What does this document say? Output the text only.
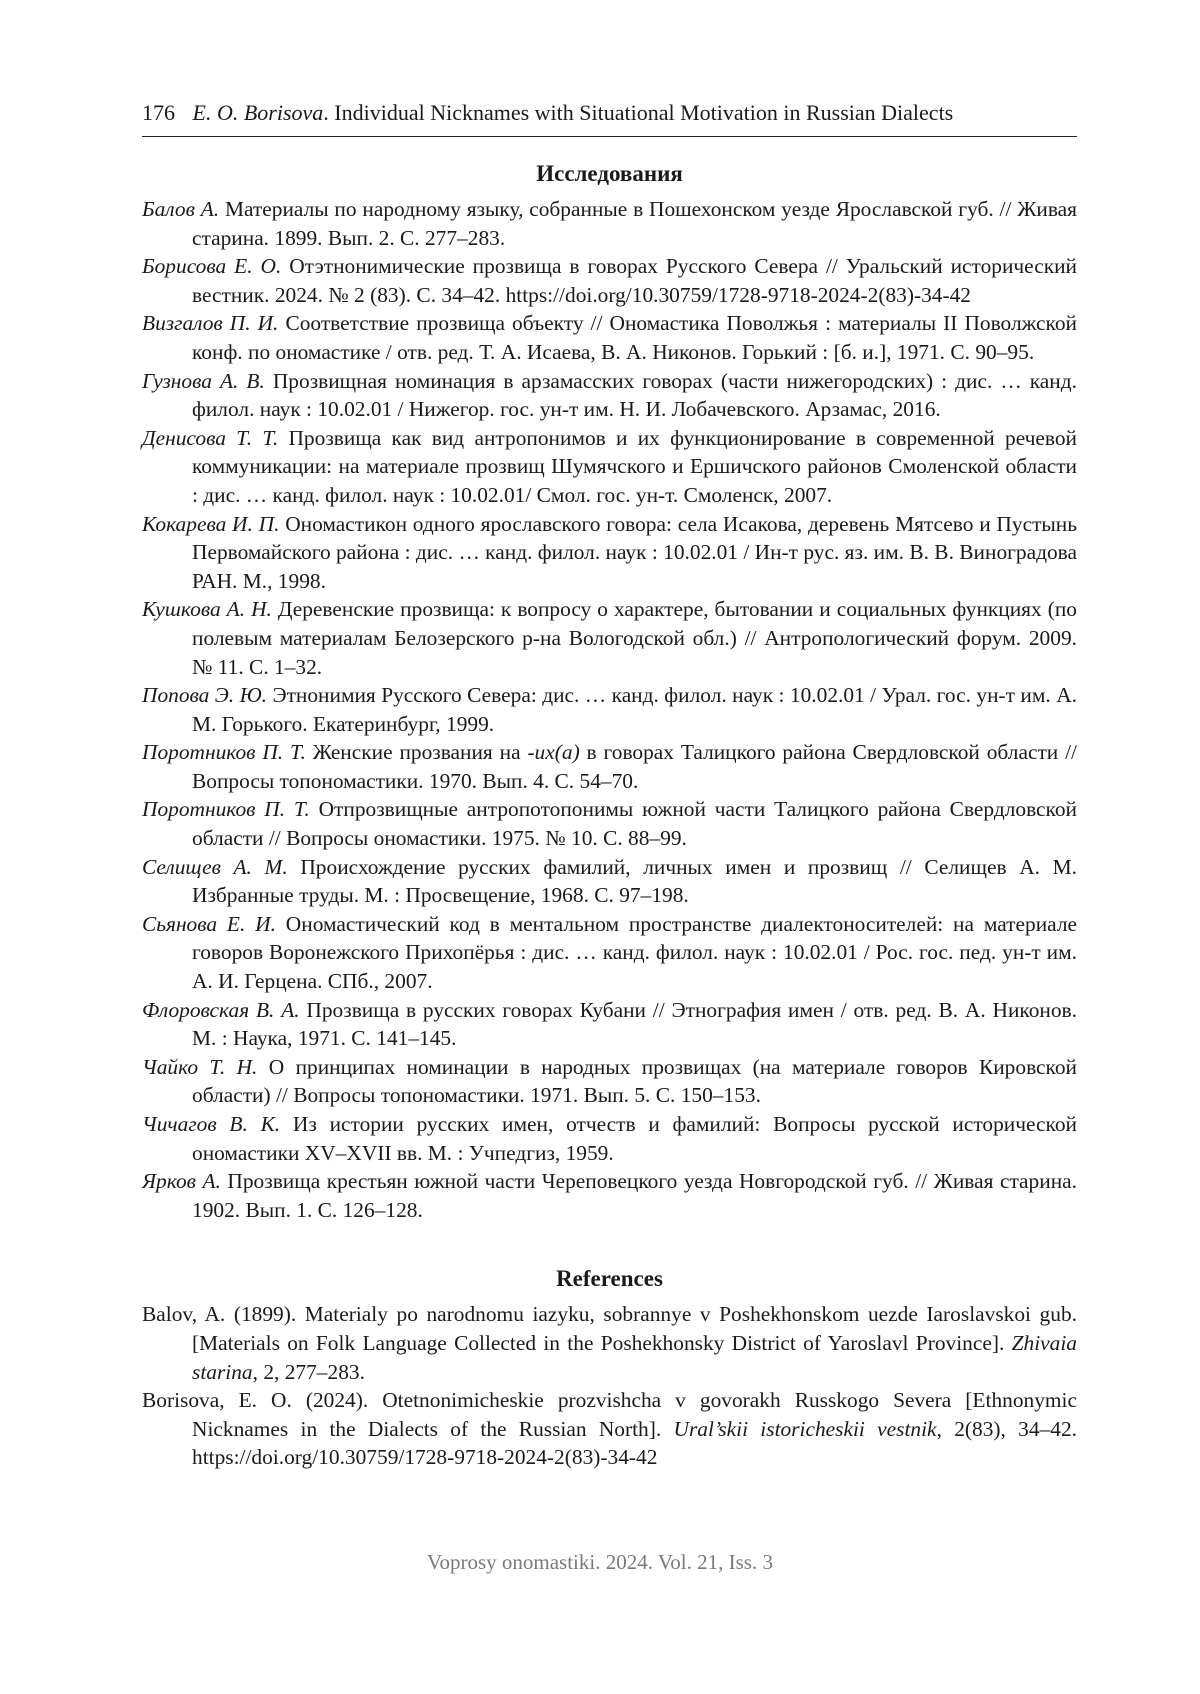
176 E. O. Borisova. Individual Nicknames with Situational Motivation in Russian Dialects
Исследования
Балов А. Материалы по народному языку, собранные в Пошехонском уезде Ярославской губ. // Живая старина. 1899. Вып. 2. С. 277–283.
Борисова Е. О. Отэтнонимические прозвища в говорах Русского Севера // Уральский исторический вестник. 2024. № 2 (83). С. 34–42. https://doi.org/10.30759/1728-9718-2024-2(83)-34-42
Визгалов П. И. Соответствие прозвища объекту // Ономастика Поволжья : материалы II Поволжской конф. по ономастике / отв. ред. Т. А. Исаева, В. А. Никонов. Горький : [б. и.], 1971. С. 90–95.
Гузнова А. В. Прозвищная номинация в арзамасских говорах (части нижегородских) : дис. … канд. филол. наук : 10.02.01 / Нижегор. гос. ун-т им. Н. И. Лобачевского. Арзамас, 2016.
Денисова Т. Т. Прозвища как вид антропонимов и их функционирование в современной речевой коммуникации: на материале прозвищ Шумячского и Ершичского районов Смоленской области : дис. … канд. филол. наук : 10.02.01/ Смол. гос. ун-т. Смоленск, 2007.
Кокарева И. П. Ономастикон одного ярославского говора: села Исакова, деревень Мятсево и Пустынь Первомайского района : дис. … канд. филол. наук : 10.02.01 / Ин-т рус. яз. им. В. В. Виноградова РАН. М., 1998.
Кушкова А. Н. Деревенские прозвища: к вопросу о характере, бытовании и социальных функциях (по полевым материалам Белозерского р-на Вологодской обл.) // Антропологический форум. 2009. № 11. С. 1–32.
Попова Э. Ю. Этнонимия Русского Севера: дис. … канд. филол. наук : 10.02.01 / Урал. гос. ун-т им. А. М. Горького. Екатеринбург, 1999.
Поротников П. Т. Женские прозвания на -их(а) в говорах Талицкого района Свердловской области // Вопросы топономастики. 1970. Вып. 4. С. 54–70.
Поротников П. Т. Отпрозвищные антропотопонимы южной части Талицкого района Свердловской области // Вопросы ономастики. 1975. № 10. С. 88–99.
Селищев А. М. Происхождение русских фамилий, личных имен и прозвищ // Селищев А. М. Избранные труды. М. : Просвещение, 1968. С. 97–198.
Сьянова Е. И. Ономастический код в ментальном пространстве диалектоносителей: на материале говоров Воронежского Прихопёрья : дис. … канд. филол. наук : 10.02.01 / Рос. гос. пед. ун-т им. А. И. Герцена. СПб., 2007.
Флоровская В. А. Прозвища в русских говорах Кубани // Этнография имен / отв. ред. В. А. Никонов. М. : Наука, 1971. С. 141–145.
Чайко Т. Н. О принципах номинации в народных прозвищах (на материале говоров Кировской области) // Вопросы топономастики. 1971. Вып. 5. С. 150–153.
Чичагов В. К. Из истории русских имен, отчеств и фамилий: Вопросы русской исторической ономастики XV–XVII вв. М. : Учпедгиз, 1959.
Ярков А. Прозвища крестьян южной части Череповецкого уезда Новгородской губ. // Живая старина. 1902. Вып. 1. С. 126–128.
References
Balov, A. (1899). Materialy po narodnomu iazyku, sobrannye v Poshekhonskom uezde Iaroslavskoi gub. [Materials on Folk Language Collected in the Poshekhonsky District of Yaroslavl Province]. Zhivaia starina, 2, 277–283.
Borisova, E. O. (2024). Otetnonimicheskie prozvishcha v govorakh Russkogo Severa [Ethnonymic Nicknames in the Dialects of the Russian North]. Ural’skii istoricheskii vestnik, 2(83), 34–42. https://doi.org/10.30759/1728-9718-2024-2(83)-34-42
Voprosy onomastiki. 2024. Vol. 21, Iss. 3
